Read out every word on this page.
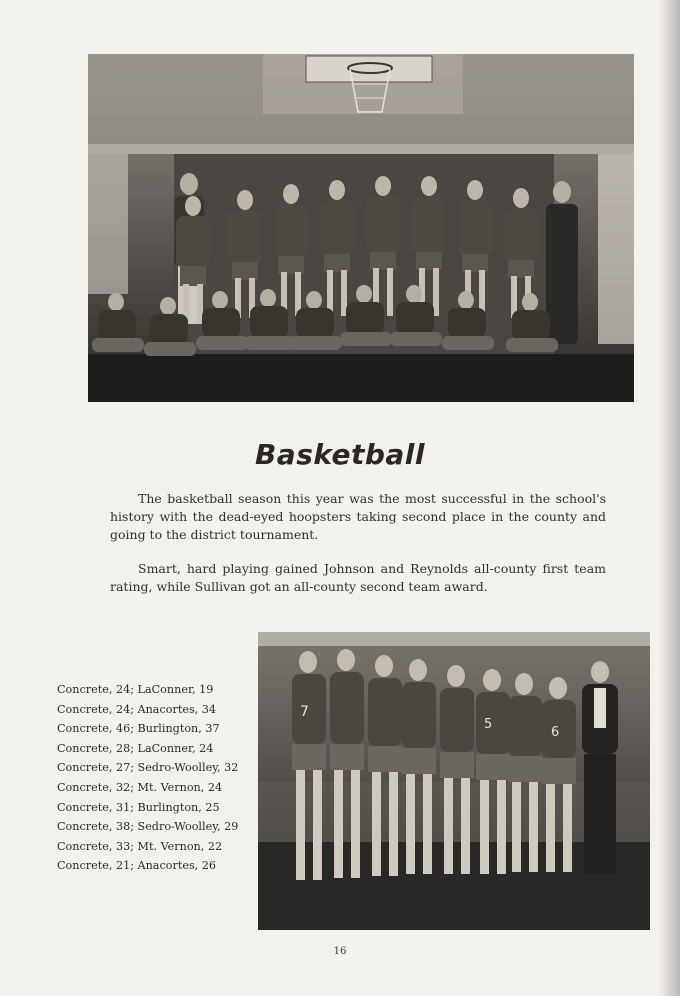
Basketball

The basketball season this year was the most successful in the school's history with the dead-eyed hoopsters taking second place in the county and going to the district tournament.

Smart, hard playing gained Johnson and Reynolds all-county first team rating, while Sullivan got an all-county second team award.

Concrete, 24; LaConner, 19
Concrete, 24; Anacortes, 34
Concrete, 46; Burlington, 37
Concrete, 28; LaConner, 24
Concrete, 27; Sedro-Woolley, 32
Concrete, 32; Mt. Vernon, 24
Concrete, 31; Burlington, 25
Concrete, 38; Sedro-Woolley, 29
Concrete, 33; Mt. Vernon, 22
Concrete, 21; Anacortes, 26
7
5
6
16
